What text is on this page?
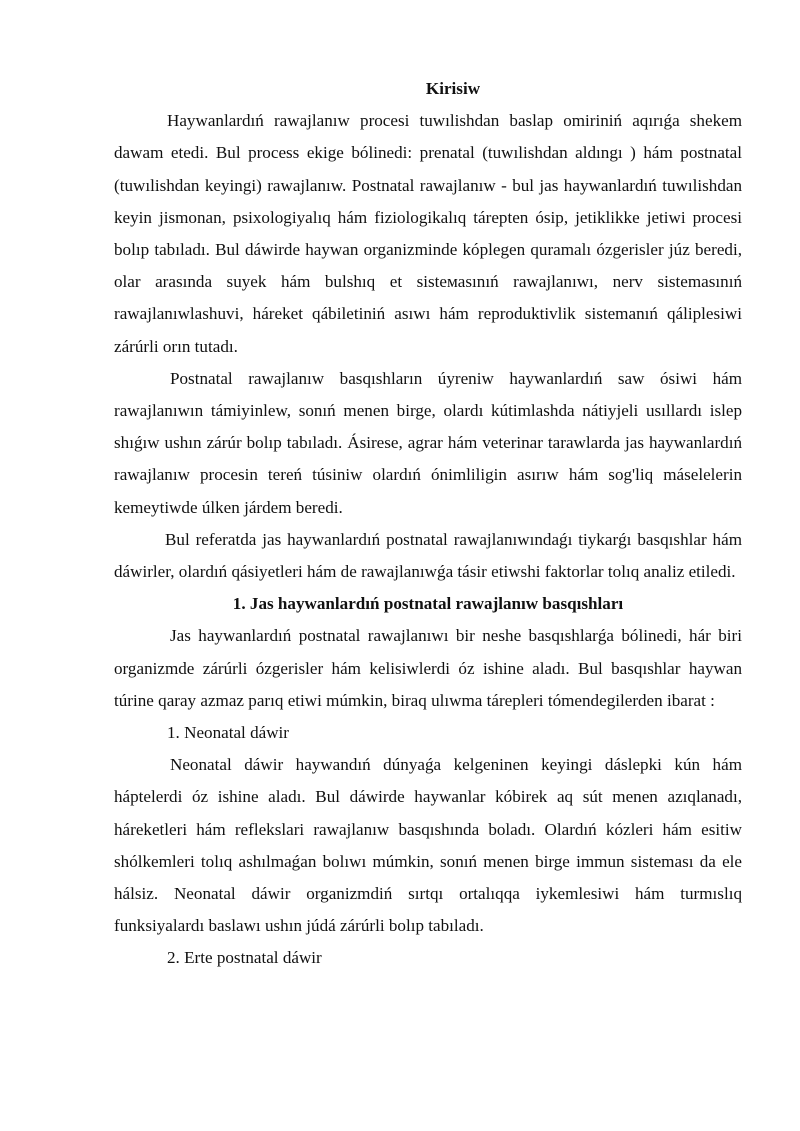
Kirisiw

Haywanlardıń rawajlanıw procesi tuwılishdan baslap omiriniń aqırıǵa shekem dawam etedi. Bul process ekige bólinedi: prenatal (tuwılishdan aldıngı ) hám postnatal (tuwılishdan keyingi) rawajlanıw. Postnatal rawajlanıw - bul jas haywanlardıń tuwılishdan keyin jismonan, psixologiyalıq hám fiziologikalıq tárepten ósip, jetiklikke jetiwi procesi bolıp tabıladı. Bul dáwirde haywan organizminde kóplegen quramalı ózgerisler júz beredi, olar arasında suyek hám bulshıq et sisteмasınıń rawajlanıwı, nerv sistemasınıń rawajlanıwlashuvi, háreket qábiletiniń asıwı hám reproduktivlik sistemanıń qáliplesiwi zárúrli orın tutadı.

Postnatal rawajlanıw basqıshların úyreniw haywanlardıń saw ósiwi hám rawajlanıwın támiyinlew, sonıń menen birge, olardı kútimlashda nátiyjeli usıllardı islep shıǵıw ushın zárúr bolıp tabıladı. Ásirese, agrar hám veterinar tarawlarda jas haywanlardıń rawajlanıw procesin tereń túsiniw olardıń ónimliligin asırıw hám sog'liq máselelerin kemeytiwde úlken járdem beredi.

Bul referatda jas haywanlardıń postnatal rawajlanıwındaǵı tiykarǵı basqıshlar hám dáwirler, olardıń qásiyetleri hám de rawajlanıwǵa tásir etiwshi faktorlar tolıq analiz etiledi.

1. Jas haywanlardıń postnatal rawajlanıw basqıshları

Jas haywanlardıń postnatal rawajlanıwı bir neshe basqıshlarǵa bólinedi, hár biri organizmde zárúrli ózgerisler hám kelisiwlerdi óz ishine aladı. Bul basqıshlar haywan túrine qaray azmaz parıq etiwi múmkin, biraq ulıwma tárepleri tómendegilerden ibarat :

1. Neonatal dáwir

Neonatal dáwir haywandıń dúnyaǵa kelgeninen keyingi dáslepki kún hám háptelerdi óz ishine aladı. Bul dáwirde haywanlar kóbirek aq sút menen azıqlanadı, háreketleri hám reflekslari rawajlanıw basqıshında boladı. Olardıń kózleri hám esitiw shólkemleri tolıq ashılmaǵan bolıwı múmkin, sonıń menen birge immun sisteması da ele hálsiz. Neonatal dáwir organizmdiń sırtqı ortalıqqa iykemlesiwi hám turmıslıq funksiyalardı baslawı ushın júdá zárúrli bolıp tabıladı.

2. Erte postnatal dáwir
